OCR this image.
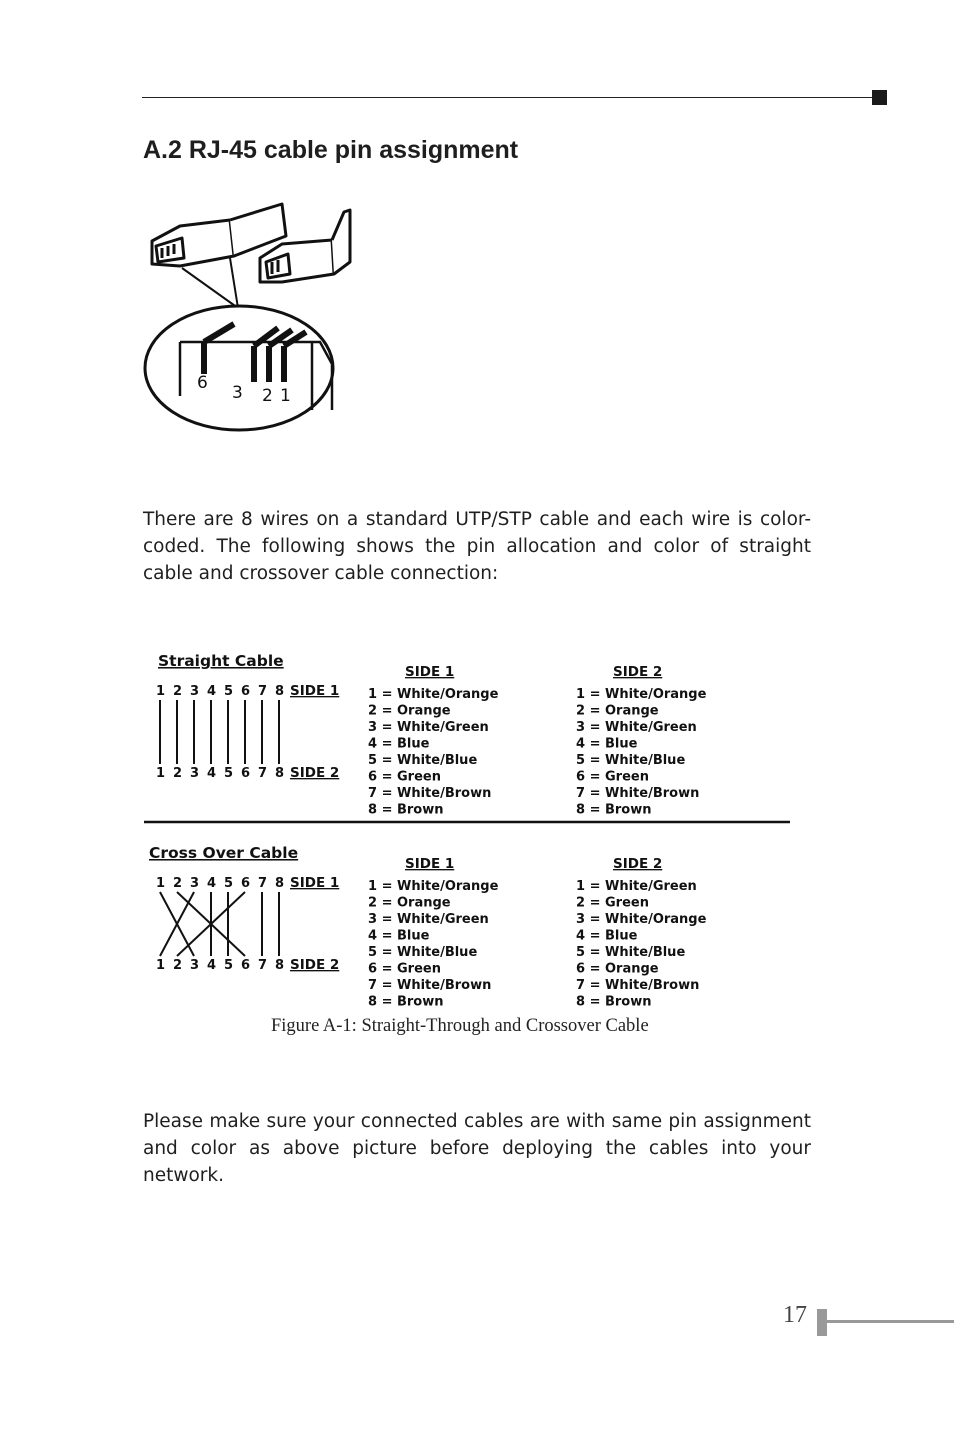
A.2 RJ-45 cable pin assignment
6 3 2 1

There are 8 wires on a standard UTP/STP cable and each wire is color-coded. The following shows the pin allocation and color of straight cable and crossover cable connection:

Straight Cable
SIDE 1	SIDE 2
1
1
2
2
3
3
4
4
5
5
6
6
7
7
8
8
SIDE 1
SIDE 2
1 = White/Orange
2 = Orange
3 = White/Green
4 = Blue
5 = White/Blue
6 = Green
7 = White/Brown
8 = Brown
1 = White/Orange
2 = Orange
3 = White/Green
4 = Blue
5 = White/Blue
6 = Green
7 = White/Brown
8 = Brown
Cross Over Cable
SIDE 1	SIDE 2
1
1
2
2
3
3
4
4
5
5
6
6
7
7
8
8
SIDE 1
SIDE 2
1 = White/Orange
2 = Orange
3 = White/Green
4 = Blue
5 = White/Blue
6 = Green
7 = White/Brown
8 = Brown
1 = White/Green
2 = Green
3 = White/Orange
4 = Blue
5 = White/Blue
6 = Orange
7 = White/Brown
8 = Brown
Figure A-1: Straight-Through and Crossover Cable

Please make sure your connected cables are with same pin assignment and color as above picture before deploying the cables into your network.

17
